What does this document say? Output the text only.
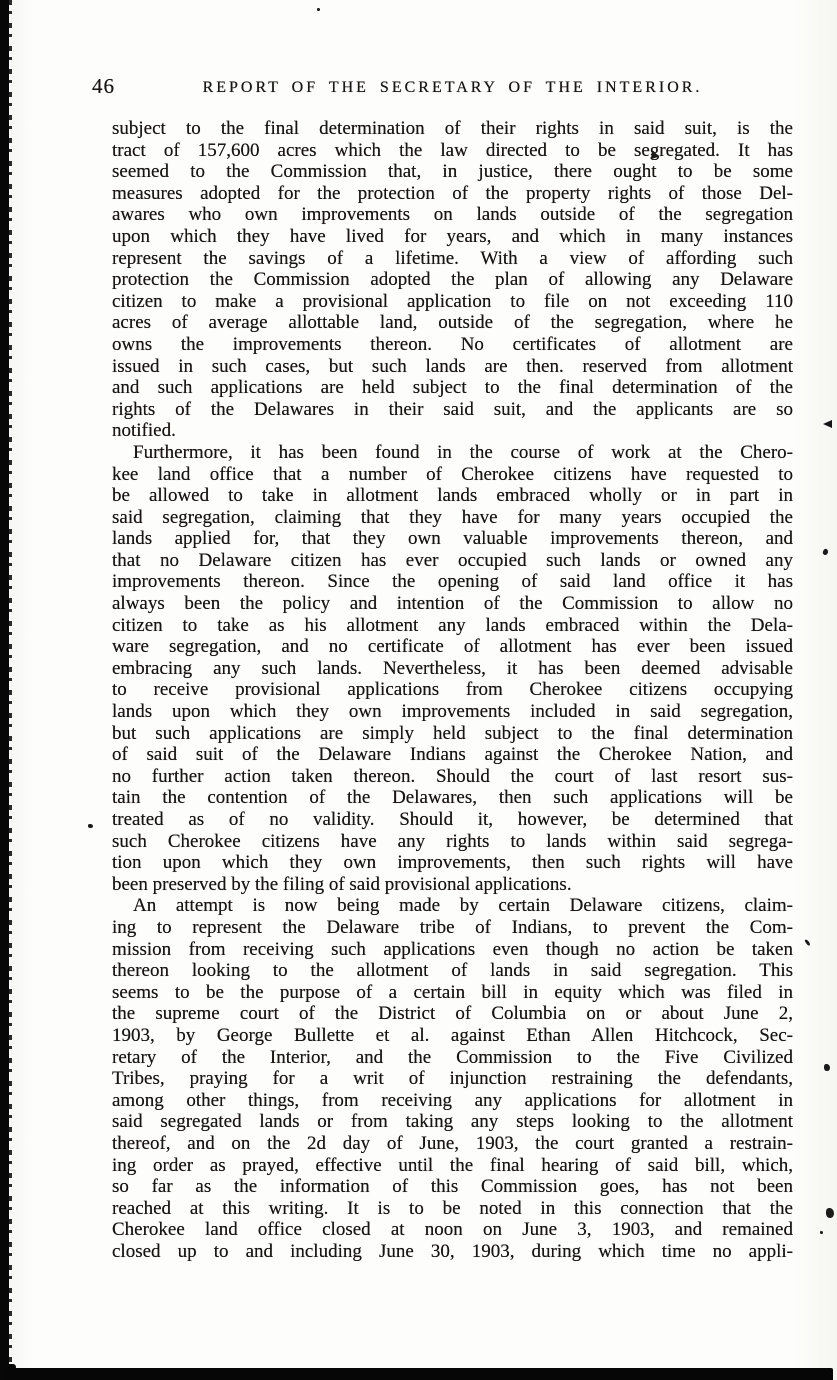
46	REPORT OF THE SECRETARY OF THE INTERIOR.
subject to the final determination of their rights in said suit, is the
tract of 157,600 acres which the law directed to be segregated. It has
seemed to the Commission that, in justice, there ought to be some
measures adopted for the protection of the property rights of those Del-
awares who own improvements on lands outside of the segregation
upon which they have lived for years, and which in many instances
represent the savings of a lifetime. With a view of affording such
protection the Commission adopted the plan of allowing any Delaware
citizen to make a provisional application to file on not exceeding 110
acres of average allottable land, outside of the segregation, where he
owns the improvements thereon. No certificates of allotment are
issued in such cases, but such lands are then. reserved from allotment
and such applications are held subject to the final determination of the
rights of the Delawares in their said suit, and the applicants are so
notified.
Furthermore, it has been found in the course of work at the Chero-
kee land office that a number of Cherokee citizens have requested to
be allowed to take in allotment lands embraced wholly or in part in
said segregation, claiming that they have for many years occupied the
lands applied for, that they own valuable improvements thereon, and
that no Delaware citizen has ever occupied such lands or owned any
improvements thereon. Since the opening of said land office it has
always been the policy and intention of the Commission to allow no
citizen to take as his allotment any lands embraced within the Dela-
ware segregation, and no certificate of allotment has ever been issued
embracing any such lands. Nevertheless, it has been deemed advisable
to receive provisional applications from Cherokee citizens occupying
lands upon which they own improvements included in said segregation,
but such applications are simply held subject to the final determination
of said suit of the Delaware Indians against the Cherokee Nation, and
no further action taken thereon. Should the court of last resort sus-
tain the contention of the Delawares, then such applications will be
treated as of no validity. Should it, however, be determined that
such Cherokee citizens have any rights to lands within said segrega-
tion upon which they own improvements, then such rights will have
been preserved by the filing of said provisional applications.
An attempt is now being made by certain Delaware citizens, claim-
ing to represent the Delaware tribe of Indians, to prevent the Com-
mission from receiving such applications even though no action be taken
thereon looking to the allotment of lands in said segregation. This
seems to be the purpose of a certain bill in equity which was filed in
the supreme court of the District of Columbia on or about June 2,
1903, by George Bullette et al. against Ethan Allen Hitchcock, Sec-
retary of the Interior, and the Commission to the Five Civilized
Tribes, praying for a writ of injunction restraining the defendants,
among other things, from receiving any applications for allotment in
said segregated lands or from taking any steps looking to the allotment
thereof, and on the 2d day of June, 1903, the court granted a restrain-
ing order as prayed, effective until the final hearing of said bill, which,
so far as the information of this Commission goes, has not been
reached at this writing. It is to be noted in this connection that the
Cherokee land office closed at noon on June 3, 1903, and remained
closed up to and including June 30, 1903, during which time no appli-
